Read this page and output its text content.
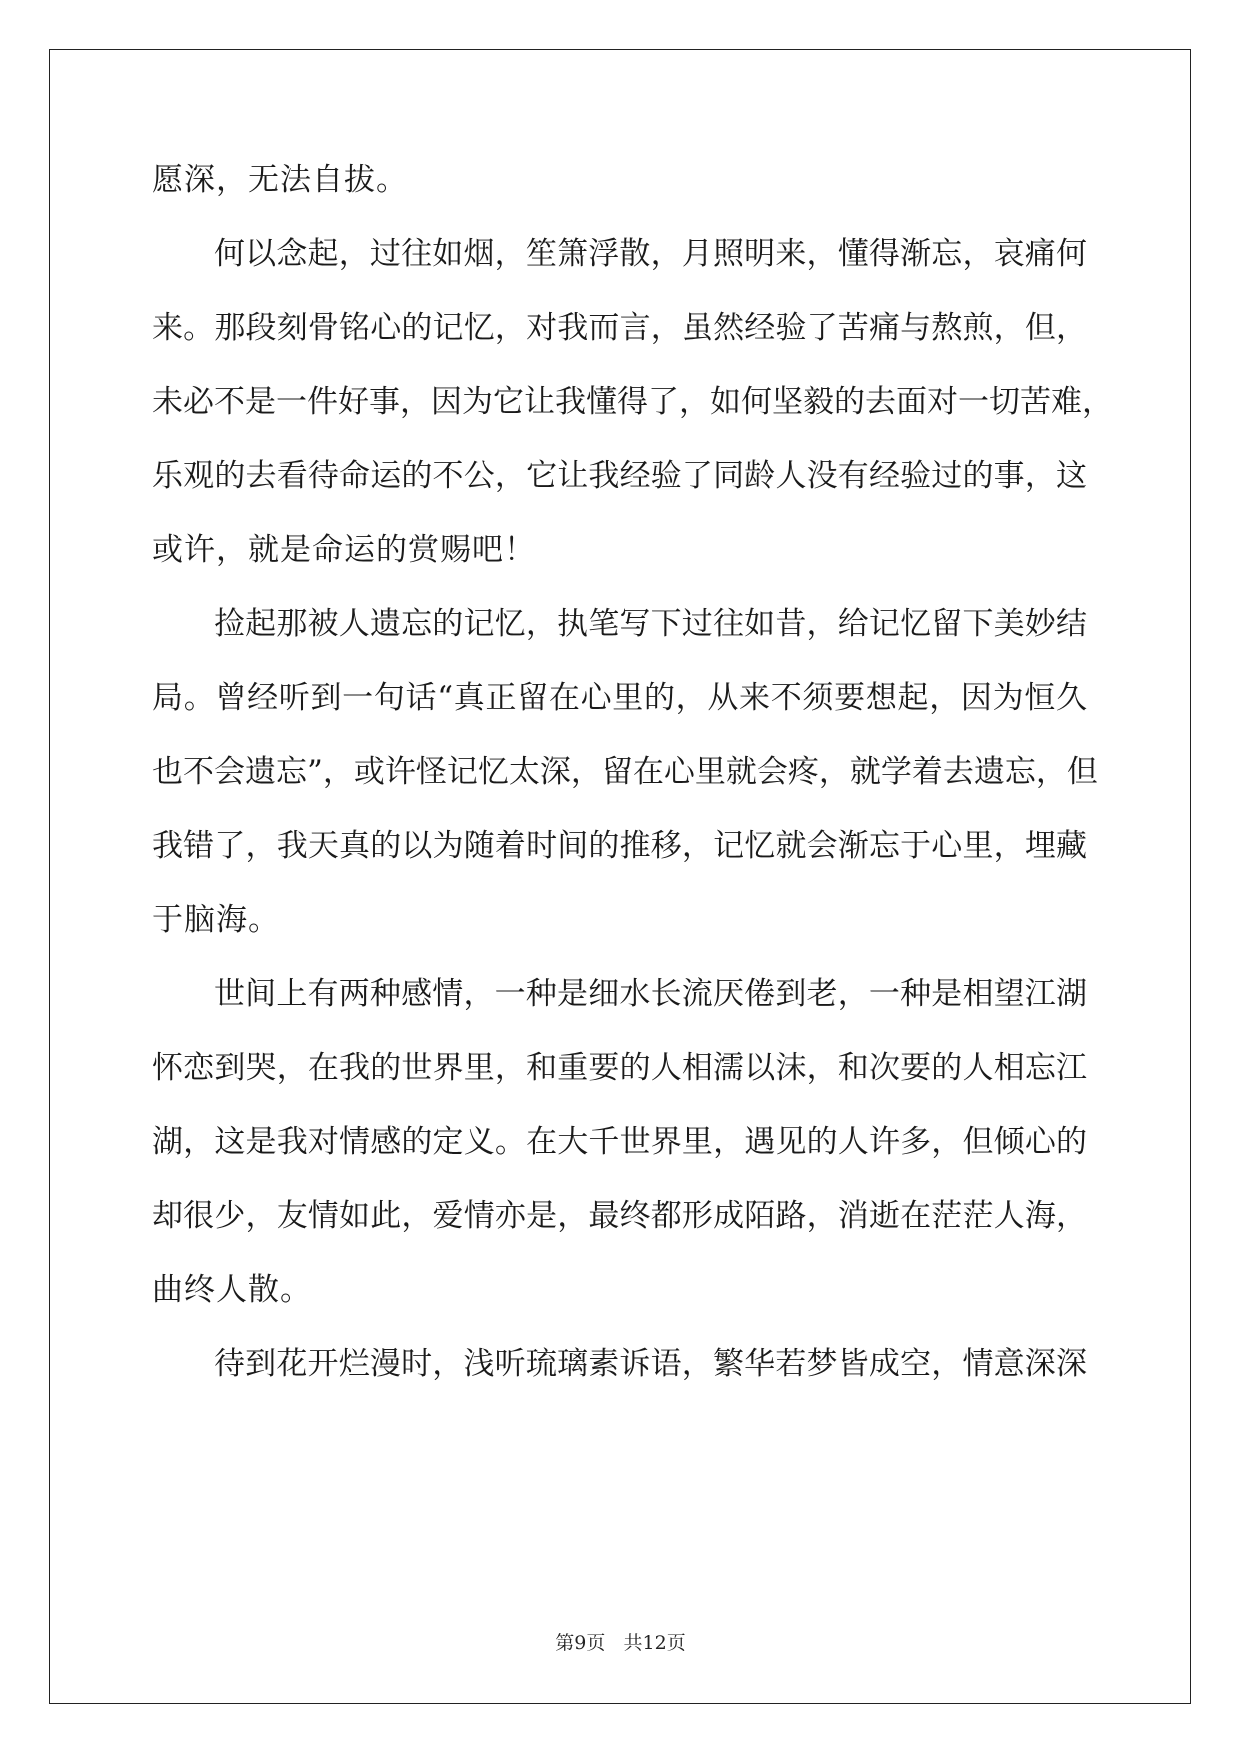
愿深，无法自拔。
何以念起，过往如烟，笙箫浮散，月照明来，懂得渐忘，哀痛何
来。那段刻骨铭心的记忆，对我而言，虽然经验了苦痛与熬煎，但，
未必不是一件好事，因为它让我懂得了，如何坚毅的去面对一切苦难，
乐观的去看待命运的不公，它让我经验了同龄人没有经验过的事，这
或许，就是命运的赏赐吧！
捡起那被人遗忘的记忆，执笔写下过往如昔，给记忆留下美妙结
局。曾经听到一句话“真正留在心里的，从来不须要想起，因为恒久
也不会遗忘”，或许怪记忆太深，留在心里就会疼，就学着去遗忘，但
我错了，我天真的以为随着时间的推移，记忆就会渐忘于心里，埋藏
于脑海。
世间上有两种感情，一种是细水长流厌倦到老，一种是相望江湖
怀恋到哭，在我的世界里，和重要的人相濡以沫，和次要的人相忘江
湖，这是我对情感的定义。在大千世界里，遇见的人许多，但倾心的
却很少，友情如此，爱情亦是，最终都形成陌路，消逝在茫茫人海，
曲终人散。
待到花开烂漫时，浅听琉璃素诉语，繁华若梦皆成空，情意深深
第9页 共12页
